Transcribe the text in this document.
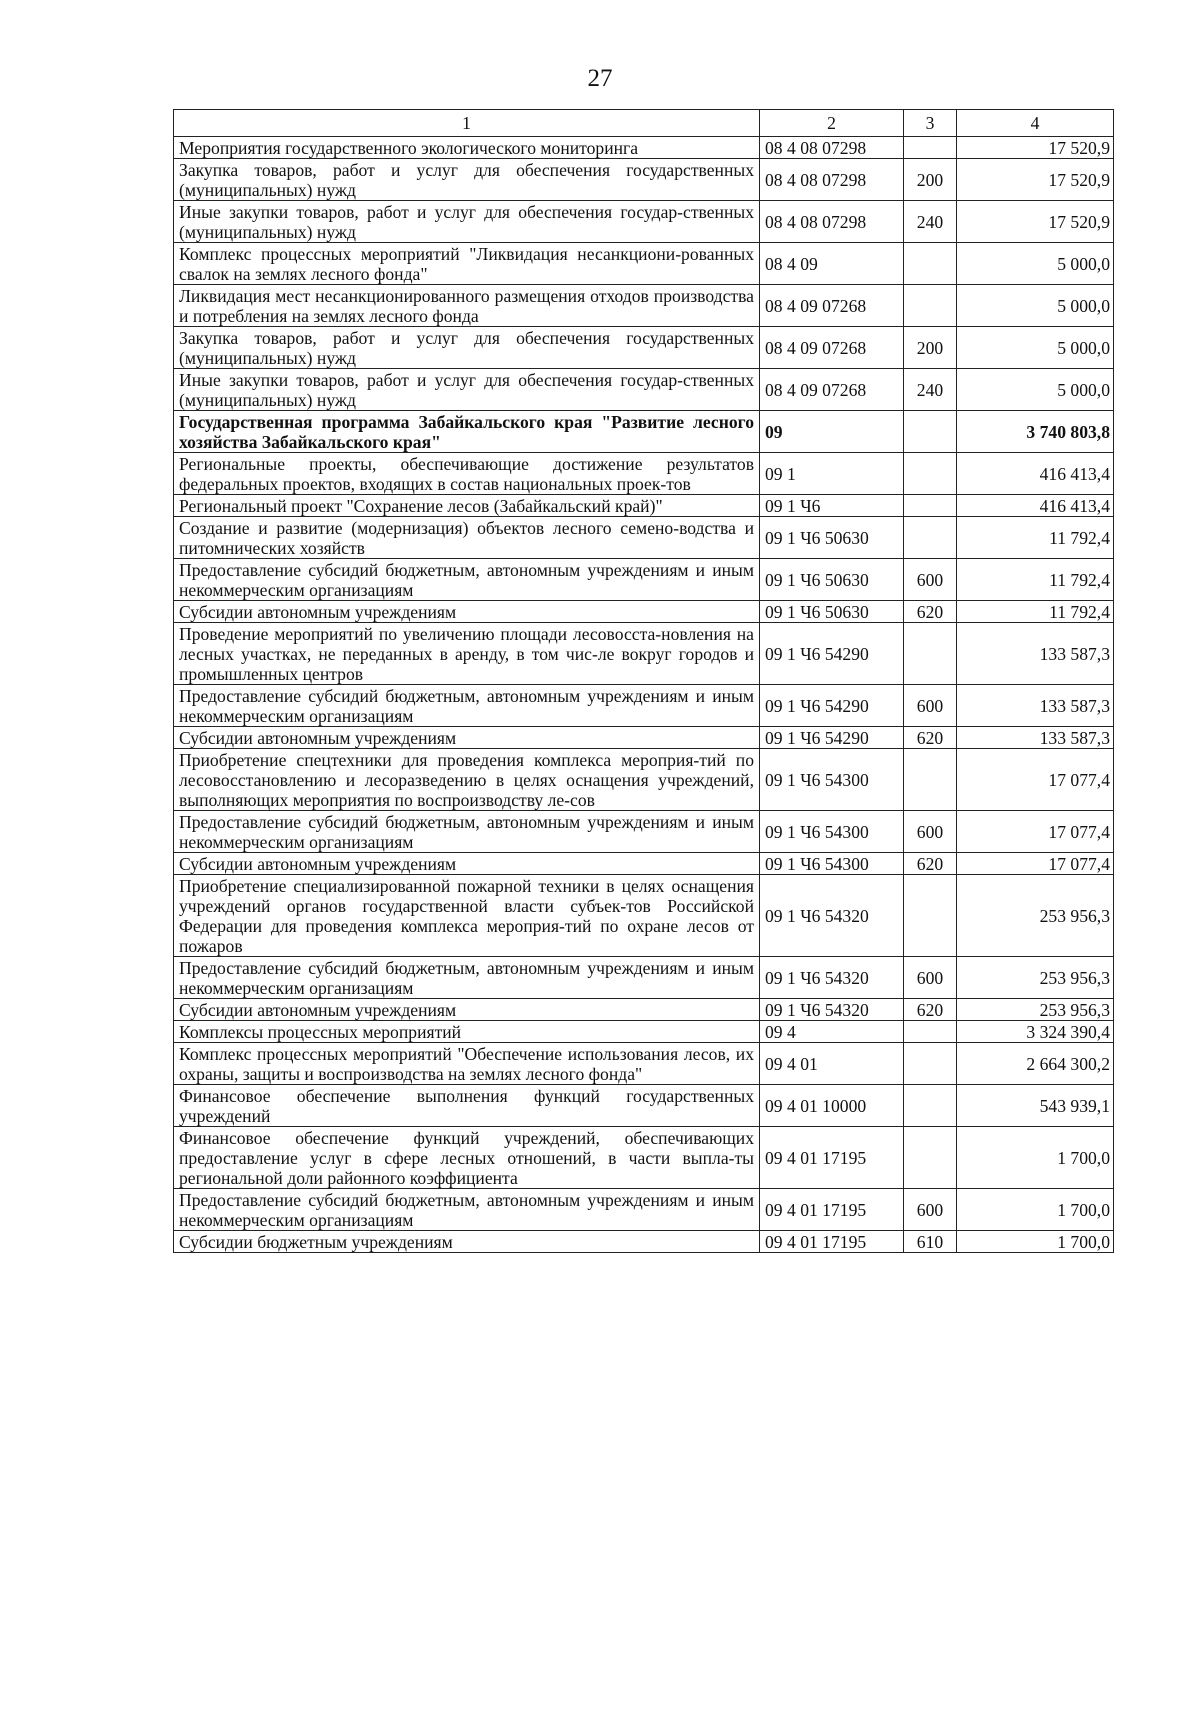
27
1	2	3	4
Мероприятия государственного экологического мониторинга	08 4 08 07298		17 520,9
Закупка товаров, работ и услуг для обеспечения государственных (муниципальных) нужд	08 4 08 07298	200	17 520,9
Иные закупки товаров, работ и услуг для обеспечения государ-ственных (муниципальных) нужд	08 4 08 07298	240	17 520,9
Комплекс процессных мероприятий "Ликвидация несанкциони-рованных свалок на землях лесного фонда"	08 4 09		5 000,0
Ликвидация мест несанкционированного размещения отходов производства и потребления на землях лесного фонда	08 4 09 07268		5 000,0
Закупка товаров, работ и услуг для обеспечения государственных (муниципальных) нужд	08 4 09 07268	200	5 000,0
Иные закупки товаров, работ и услуг для обеспечения государ-ственных (муниципальных) нужд	08 4 09 07268	240	5 000,0
Государственная программа Забайкальского края "Развитие лесного хозяйства Забайкальского края"	09		3 740 803,8
Региональные проекты, обеспечивающие достижение результатов федеральных проектов, входящих в состав национальных проек-тов	09 1		416 413,4
Региональный проект "Сохранение лесов (Забайкальский край)"	09 1 Ч6		416 413,4
Создание и развитие (модернизация) объектов лесного семено-водства и питомнических хозяйств	09 1 Ч6 50630		11 792,4
Предоставление субсидий бюджетным, автономным учреждениям и иным некоммерческим организациям	09 1 Ч6 50630	600	11 792,4
Субсидии автономным учреждениям	09 1 Ч6 50630	620	11 792,4
Проведение мероприятий по увеличению площади лесовосста-новления на лесных участках, не переданных в аренду, в том чис-ле вокруг городов и промышленных центров	09 1 Ч6 54290		133 587,3
Предоставление субсидий бюджетным, автономным учреждениям и иным некоммерческим организациям	09 1 Ч6 54290	600	133 587,3
Субсидии автономным учреждениям	09 1 Ч6 54290	620	133 587,3
Приобретение спецтехники для проведения комплекса мероприя-тий по лесовосстановлению и лесоразведению в целях оснащения учреждений, выполняющих мероприятия по воспроизводству ле-сов	09 1 Ч6 54300		17 077,4
Предоставление субсидий бюджетным, автономным учреждениям и иным некоммерческим организациям	09 1 Ч6 54300	600	17 077,4
Субсидии автономным учреждениям	09 1 Ч6 54300	620	17 077,4
Приобретение специализированной пожарной техники в целях оснащения учреждений органов государственной власти субъек-тов Российской Федерации для проведения комплекса мероприя-тий по охране лесов от пожаров	09 1 Ч6 54320		253 956,3
Предоставление субсидий бюджетным, автономным учреждениям и иным некоммерческим организациям	09 1 Ч6 54320	600	253 956,3
Субсидии автономным учреждениям	09 1 Ч6 54320	620	253 956,3
Комплексы процессных мероприятий	09 4		3 324 390,4
Комплекс процессных мероприятий "Обеспечение использования лесов, их охраны, защиты и воспроизводства на землях лесного фонда"	09 4 01		2 664 300,2
Финансовое обеспечение выполнения функций государственных учреждений	09 4 01 10000		543 939,1
Финансовое обеспечение функций учреждений, обеспечивающих предоставление услуг в сфере лесных отношений, в части выпла-ты региональной доли районного коэффициента	09 4 01 17195		1 700,0
Предоставление субсидий бюджетным, автономным учреждениям и иным некоммерческим организациям	09 4 01 17195	600	1 700,0
Субсидии бюджетным учреждениям	09 4 01 17195	610	1 700,0
